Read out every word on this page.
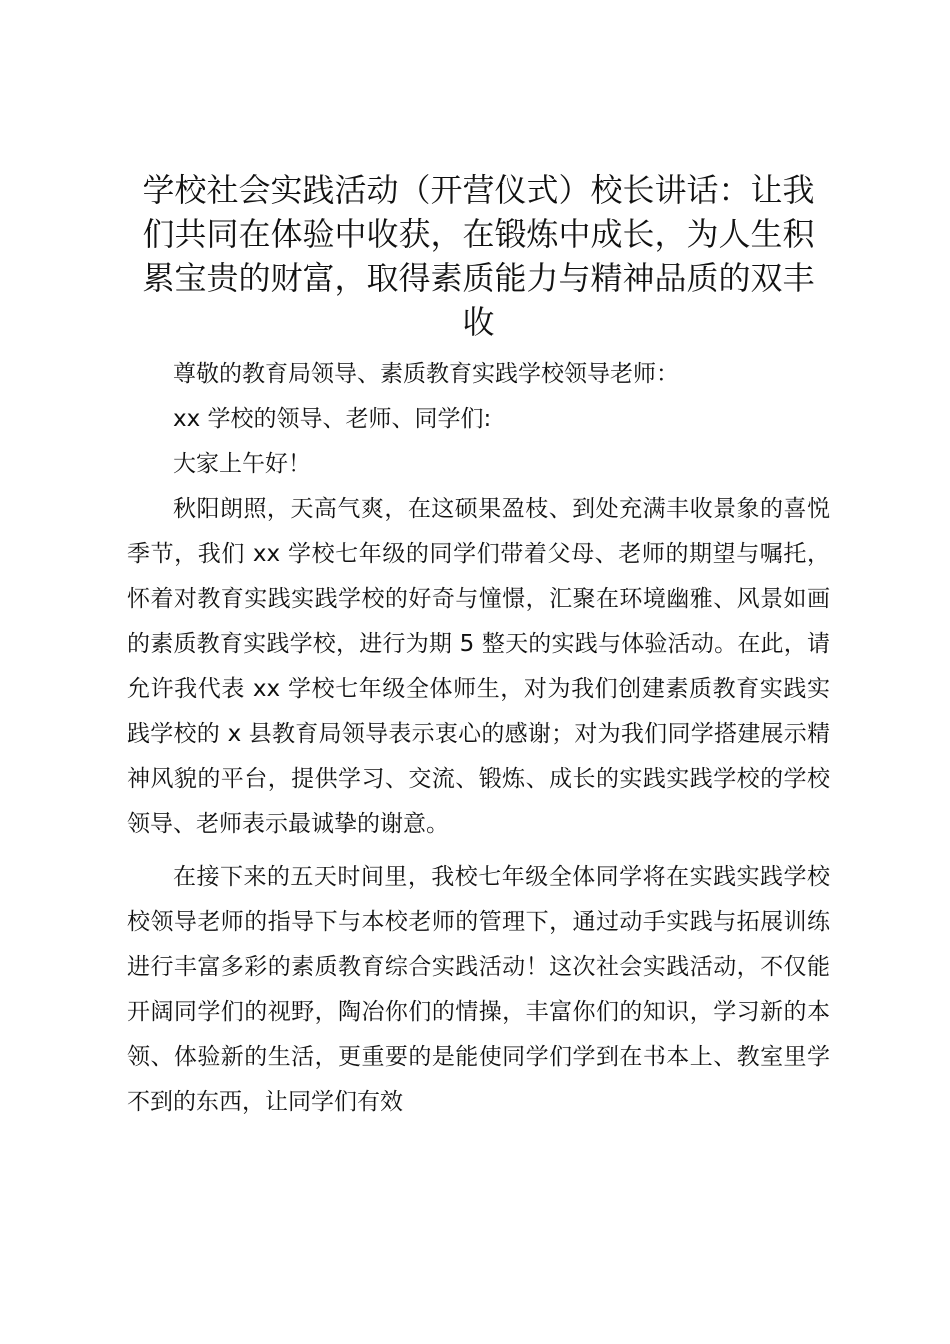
学校社会实践活动（开营仪式）校长讲话：让我们共同在体验中收获，在锻炼中成长，为人生积累宝贵的财富，取得素质能力与精神品质的双丰收

尊敬的教育局领导、素质教育实践学校领导老师：

xx 学校的领导、老师、同学们:

大家上午好！

秋阳朗照，天高气爽，在这硕果盈枝、到处充满丰收景象的喜悦季节，我们 xx 学校七年级的同学们带着父母、老师的期望与嘱托，怀着对教育实践实践学校的好奇与憧憬，汇聚在环境幽雅、风景如画的素质教育实践学校，进行为期 5 整天的实践与体验活动。在此，请允许我代表 xx 学校七年级全体师生，对为我们创建素质教育实践实践学校的 x 县教育局领导表示衷心的感谢；对为我们同学搭建展示精神风貌的平台，提供学习、交流、锻炼、成长的实践实践学校的学校领导、老师表示最诚挚的谢意。

在接下来的五天时间里，我校七年级全体同学将在实践实践学校校领导老师的指导下与本校老师的管理下，通过动手实践与拓展训练进行丰富多彩的素质教育综合实践活动！这次社会实践活动，不仅能开阔同学们的视野，陶冶你们的情操，丰富你们的知识，学习新的本领、体验新的生活，更重要的是能使同学们学到在书本上、教室里学不到的东西，让同学们有效
